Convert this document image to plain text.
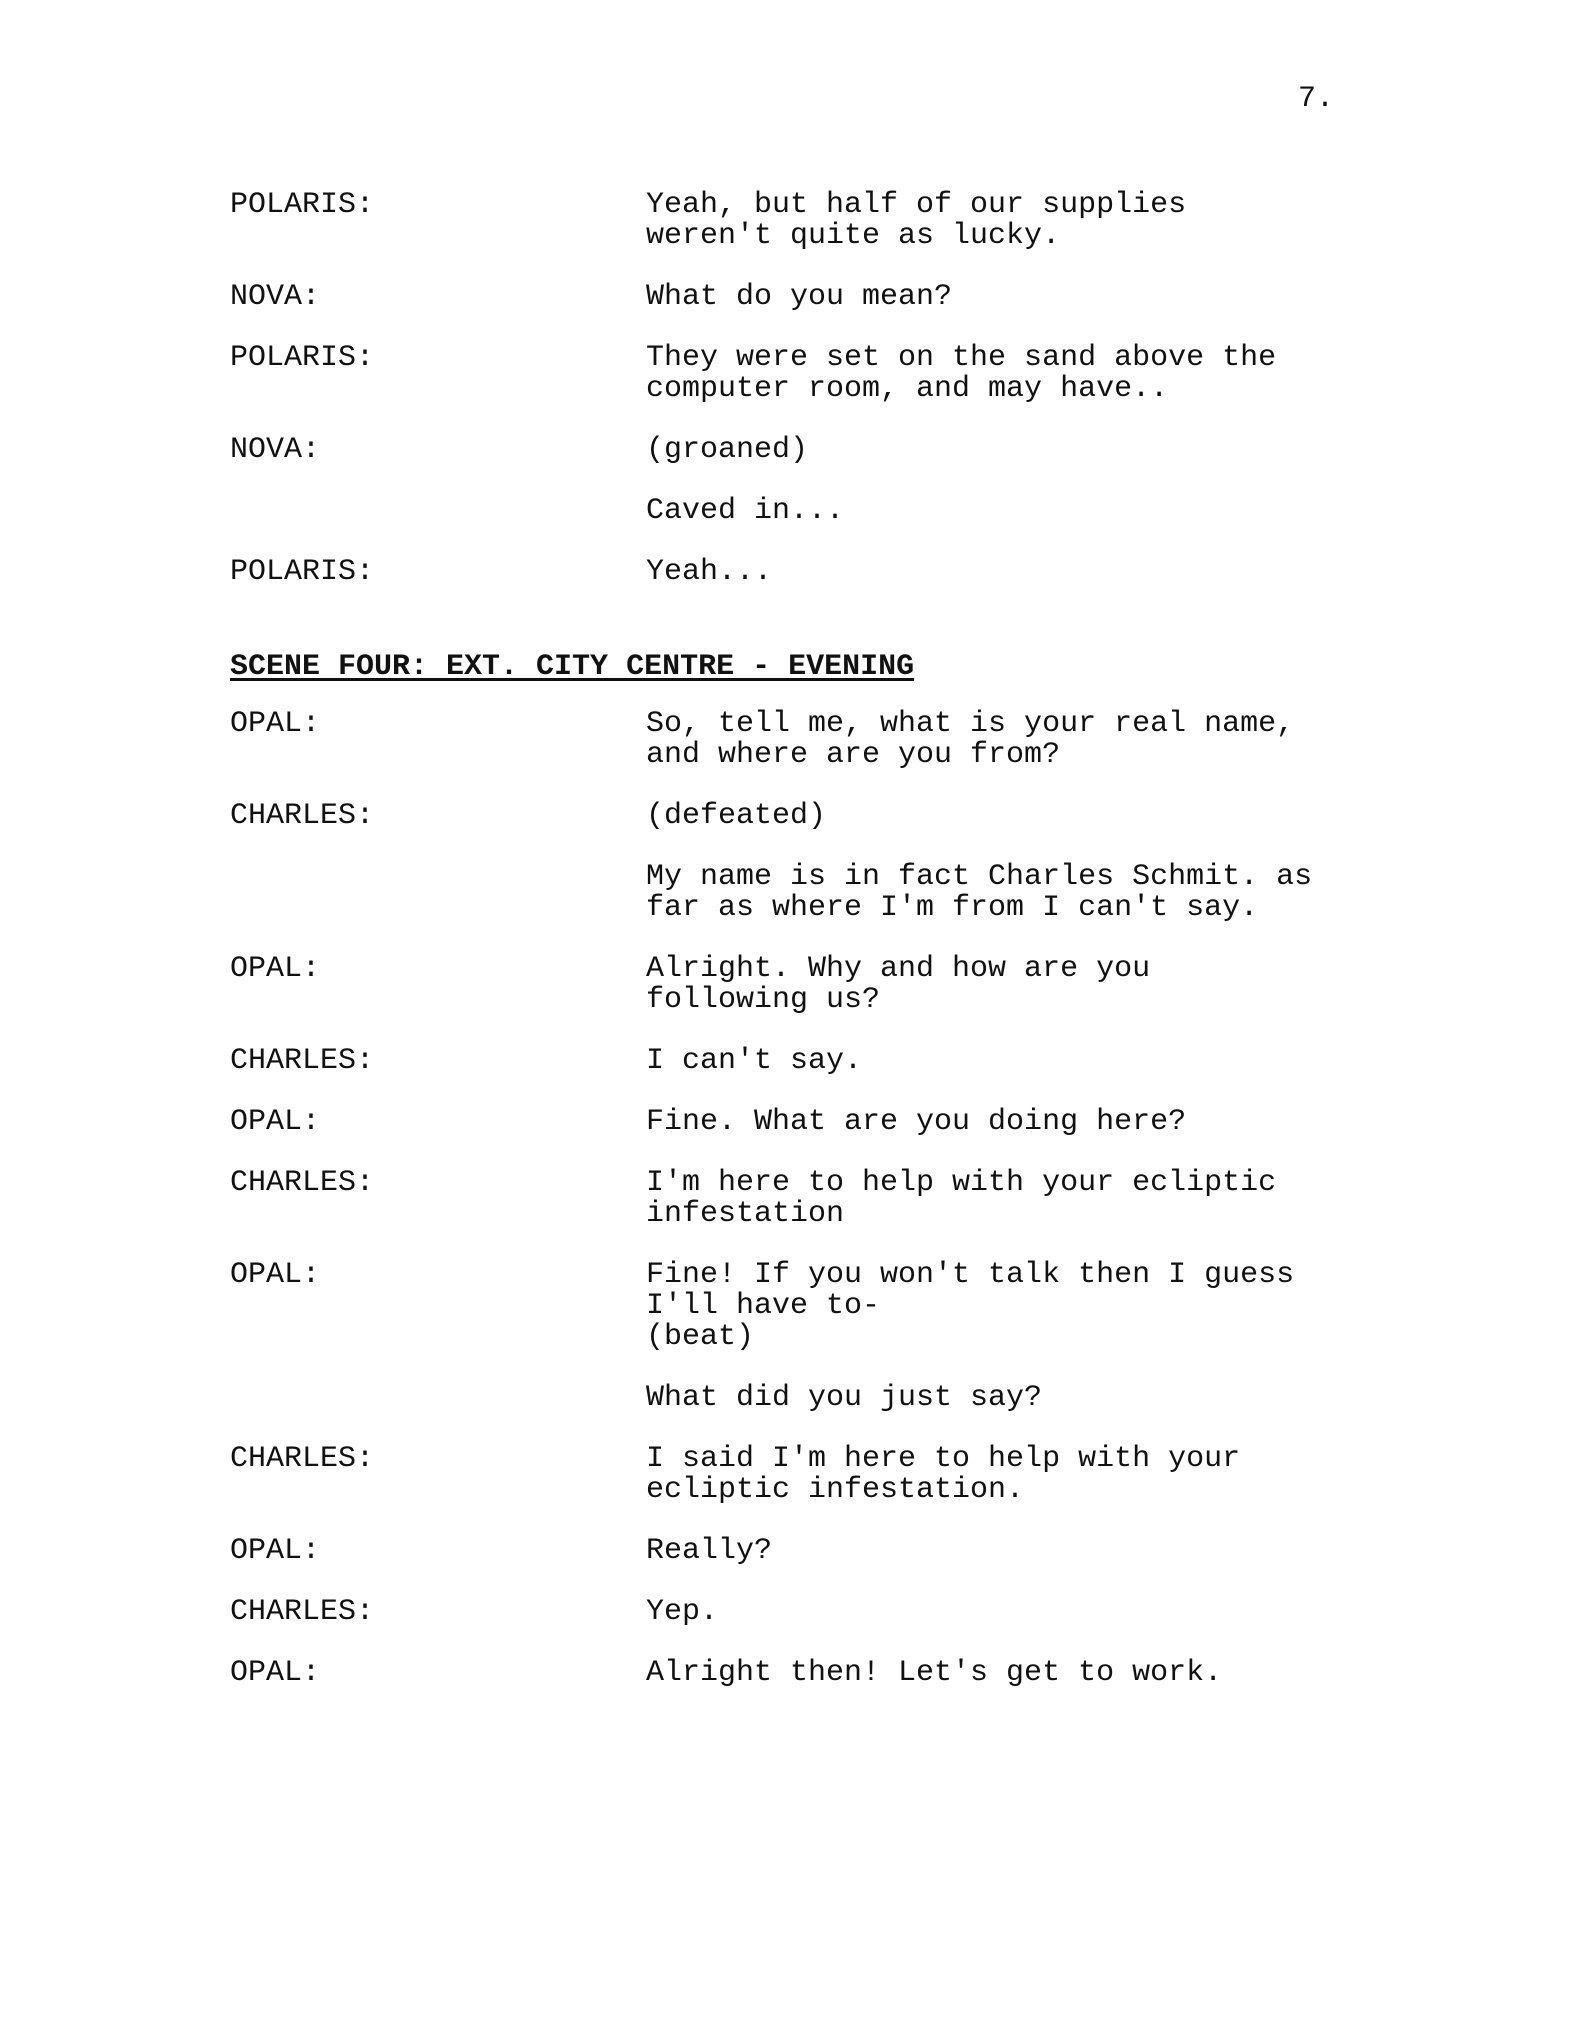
7.
POLARIS:	Yeah, but half of our supplies
weren't quite as lucky.
NOVA:	What do you mean?
POLARIS:	They were set on the sand above the
computer room, and may have..
NOVA:	(groaned)
Caved in...
POLARIS:	Yeah...
SCENE FOUR: EXT. CITY CENTRE - EVENING
OPAL:	So, tell me, what is your real name,
and where are you from?
CHARLES:	(defeated)
My name is in fact Charles Schmit. as
far as where I'm from I can't say.
OPAL:	Alright. Why and how are you
following us?
CHARLES:	I can't say.
OPAL:	Fine. What are you doing here?
CHARLES:	I'm here to help with your ecliptic
infestation
OPAL:	Fine! If you won't talk then I guess
I'll have to-
(beat)
What did you just say?
CHARLES:	I said I'm here to help with your
ecliptic infestation.
OPAL:	Really?
CHARLES:	Yep.
OPAL:	Alright then! Let's get to work.
